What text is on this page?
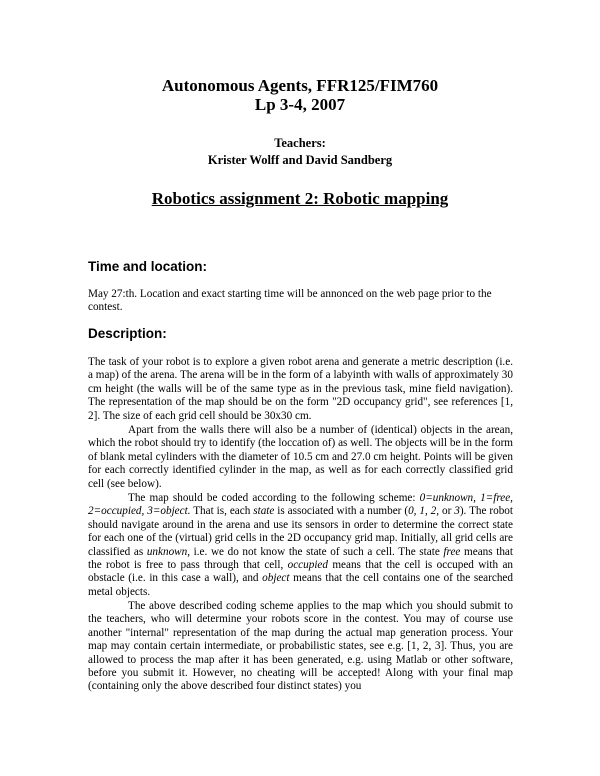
Autonomous Agents, FFR125/FIM760
Lp 3-4, 2007
Teachers:
Krister Wolff and David Sandberg
Robotics assignment 2: Robotic mapping
Time and location:
May 27:th. Location and exact starting time will be annonced on the web page prior to the contest.
Description:
The task of your robot is to explore a given robot arena and generate a metric description (i.e. a map) of the arena. The arena will be in the form of a labyinth with walls of approximately 30 cm height (the walls will be of the same type as in the previous task, mine field navigation). The representation of the map should be on the form "2D occupancy grid", see references [1, 2]. The size of each grid cell should be 30x30 cm.
Apart from the walls there will also be a number of (identical) objects in the arean, which the robot should try to identify (the loccation of) as well. The objects will be in the form of blank metal cylinders with the diameter of 10.5 cm and 27.0 cm height. Points will be given for each correctly identified cylinder in the map, as well as for each correctly classified grid cell (see below).
The map should be coded according to the following scheme: 0=unknown, 1=free, 2=occupied, 3=object. That is, each state is associated with a number (0, 1, 2, or 3). The robot should navigate around in the arena and use its sensors in order to determine the correct state for each one of the (virtual) grid cells in the 2D occupancy grid map. Initially, all grid cells are classified as unknown, i.e. we do not know the state of such a cell. The state free means that the robot is free to pass through that cell, occupied means that the cell is occuped with an obstacle (i.e. in this case a wall), and object means that the cell contains one of the searched metal objects.
The above described coding scheme applies to the map which you should submit to the teachers, who will determine your robots score in the contest. You may of course use another "internal" representation of the map during the actual map generation process. Your map may contain certain intermediate, or probabilistic states, see e.g. [1, 2, 3]. Thus, you are allowed to process the map after it has been generated, e.g. using Matlab or other software, before you submit it. However, no cheating will be accepted! Along with your final map (containing only the above described four distinct states) you
